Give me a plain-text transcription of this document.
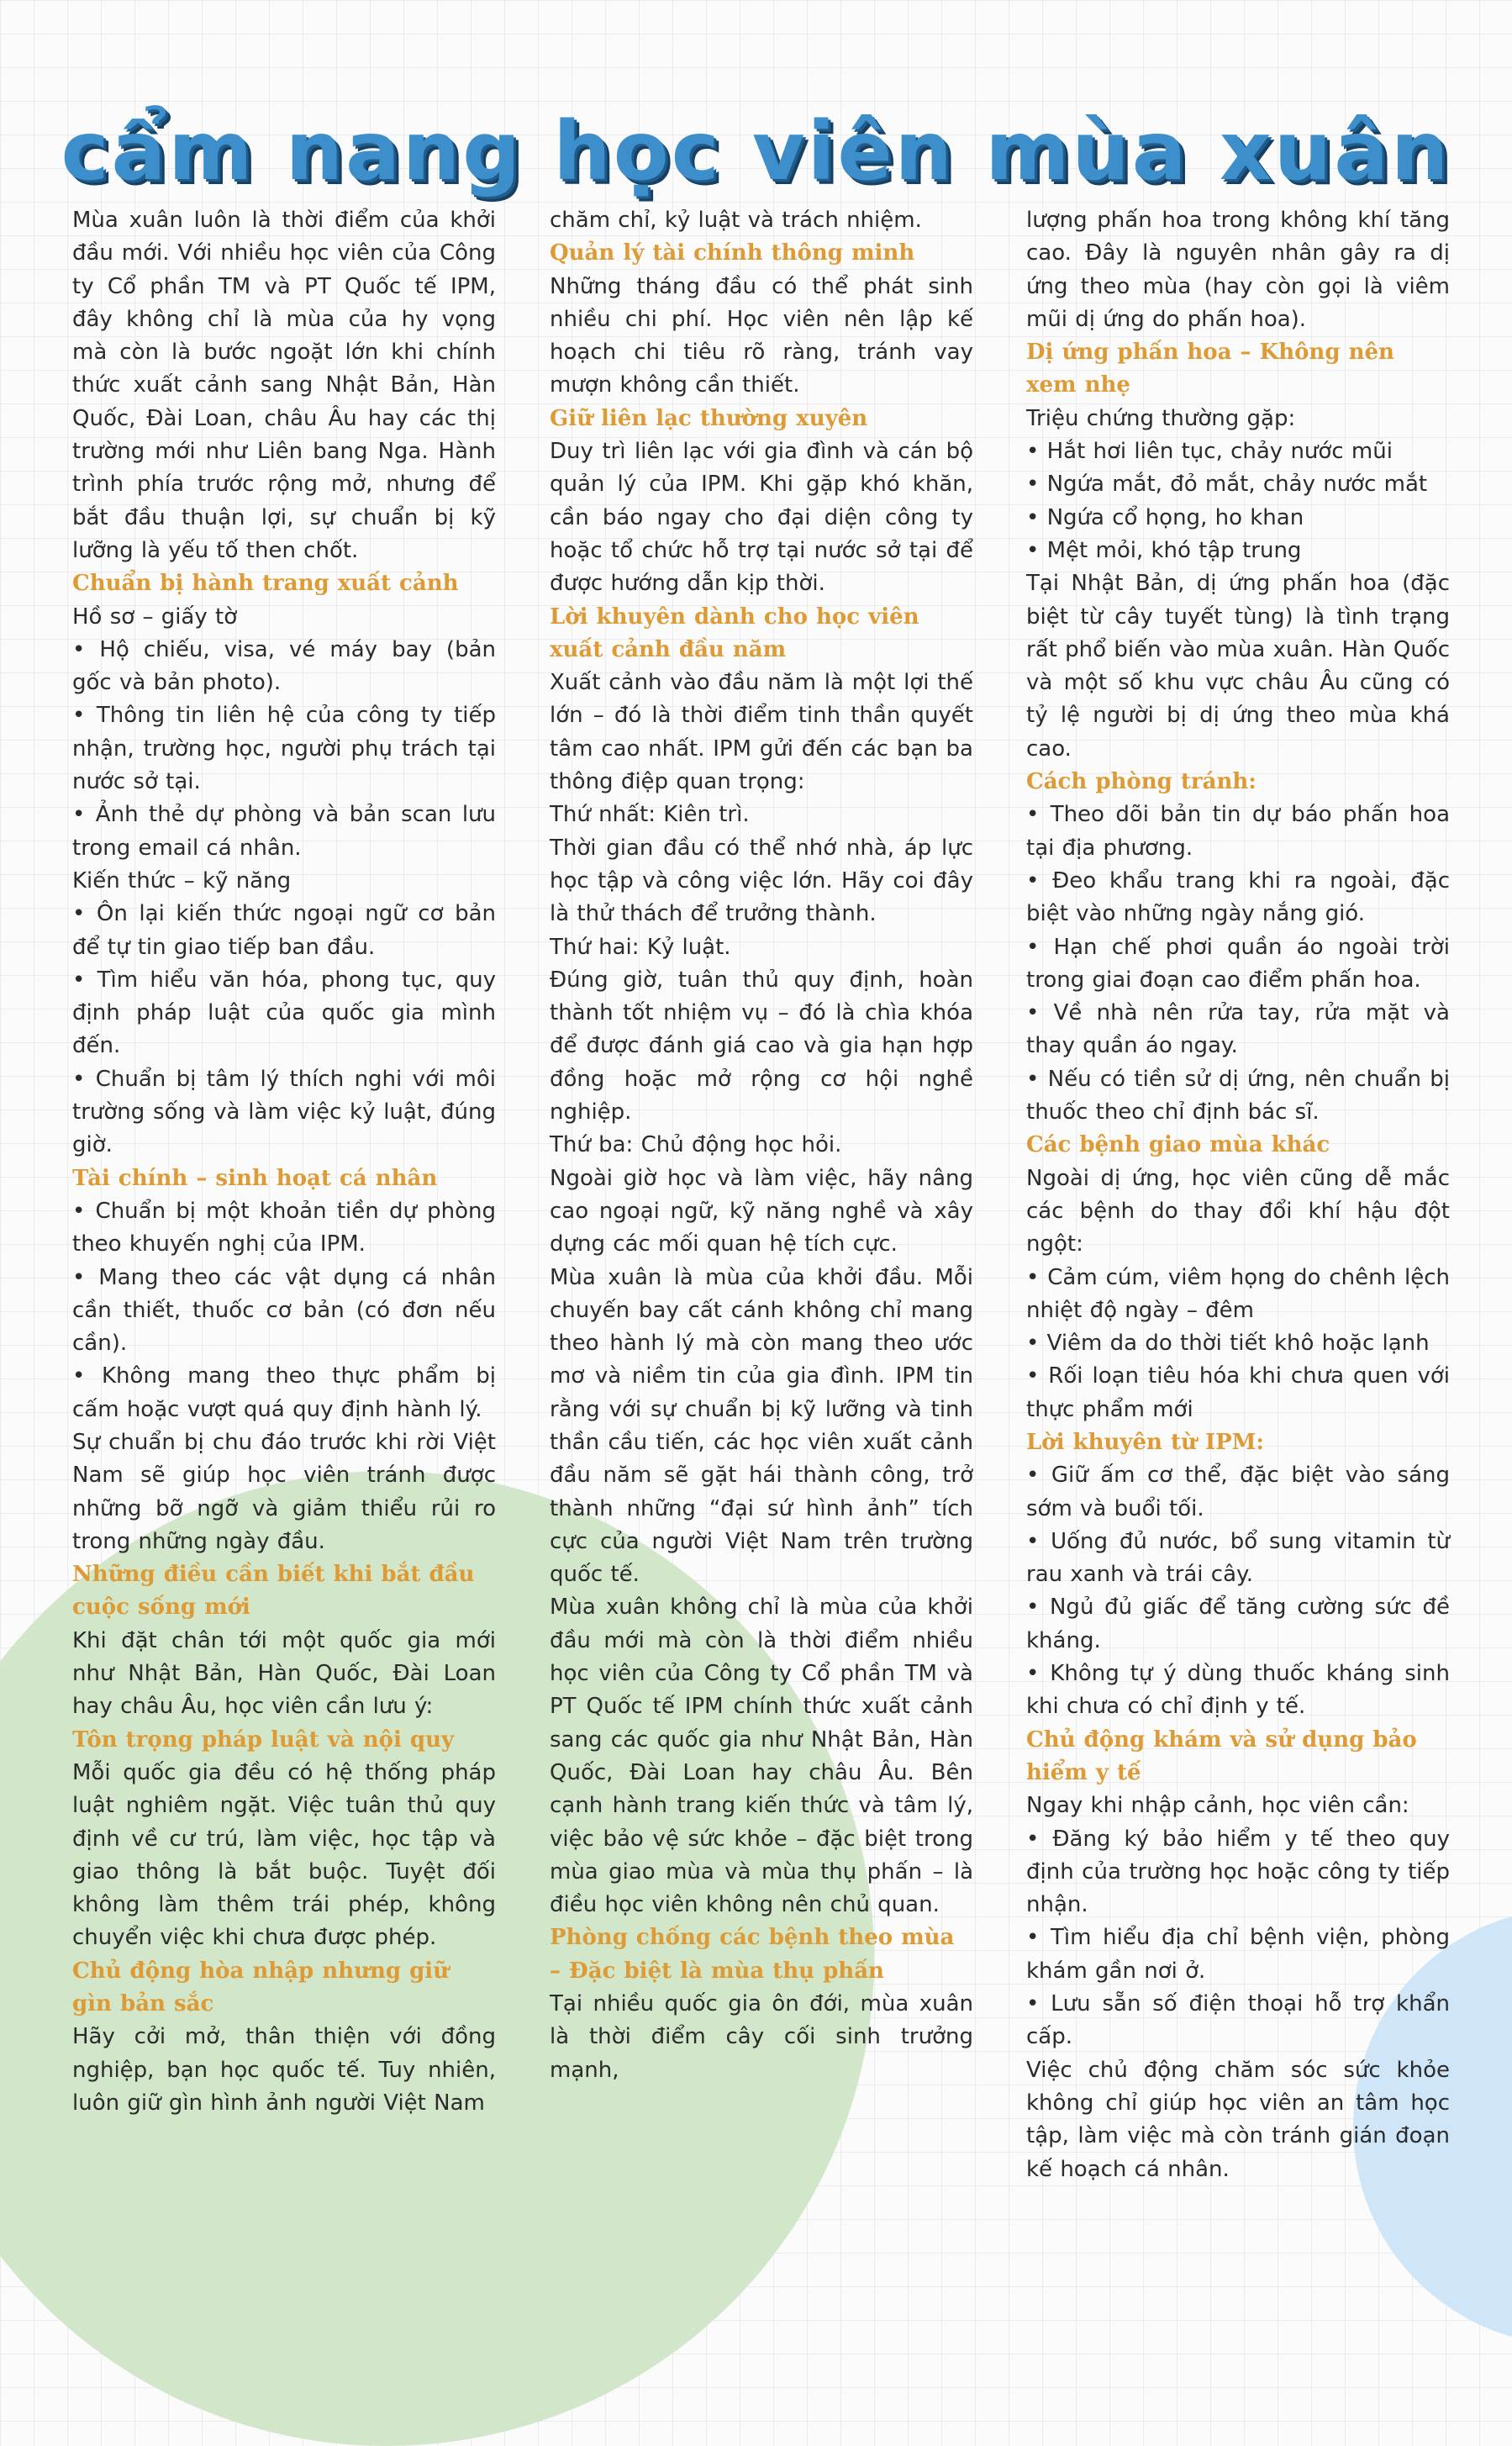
cẩm nang học viên mùa xuân

Mùa xuân luôn là thời điểm của khởi đầu mới. Với nhiều học viên của Công ty Cổ phần TM và PT Quốc tế IPM, đây không chỉ là mùa của hy vọng mà còn là bước ngoặt lớn khi chính thức xuất cảnh sang Nhật Bản, Hàn Quốc, Đài Loan, châu Âu hay các thị trường mới như Liên bang Nga. Hành trình phía trước rộng mở, nhưng để bắt đầu thuận lợi, sự chuẩn bị kỹ lưỡng là yếu tố then chốt.

Chuẩn bị hành trang xuất cảnh

Hồ sơ – giấy tờ

• Hộ chiếu, visa, vé máy bay (bản gốc và bản photo).

• Thông tin liên hệ của công ty tiếp nhận, trường học, người phụ trách tại nước sở tại.

• Ảnh thẻ dự phòng và bản scan lưu trong email cá nhân.

Kiến thức – kỹ năng

• Ôn lại kiến thức ngoại ngữ cơ bản để tự tin giao tiếp ban đầu.

• Tìm hiểu văn hóa, phong tục, quy định pháp luật của quốc gia mình đến.

• Chuẩn bị tâm lý thích nghi với môi trường sống và làm việc kỷ luật, đúng giờ.

Tài chính – sinh hoạt cá nhân

• Chuẩn bị một khoản tiền dự phòng theo khuyến nghị của IPM.

• Mang theo các vật dụng cá nhân cần thiết, thuốc cơ bản (có đơn nếu cần).

• Không mang theo thực phẩm bị cấm hoặc vượt quá quy định hành lý.

Sự chuẩn bị chu đáo trước khi rời Việt Nam sẽ giúp học viên tránh được những bỡ ngỡ và giảm thiểu rủi ro trong những ngày đầu.

Những điều cần biết khi bắt đầu cuộc sống mới

Khi đặt chân tới một quốc gia mới như Nhật Bản, Hàn Quốc, Đài Loan hay châu Âu, học viên cần lưu ý:

Tôn trọng pháp luật và nội quy

Mỗi quốc gia đều có hệ thống pháp luật nghiêm ngặt. Việc tuân thủ quy định về cư trú, làm việc, học tập và giao thông là bắt buộc. Tuyệt đối không làm thêm trái phép, không chuyển việc khi chưa được phép.

Chủ động hòa nhập nhưng giữ gìn bản sắc

Hãy cởi mở, thân thiện với đồng nghiệp, bạn học quốc tế. Tuy nhiên, luôn giữ gìn hình ảnh người Việt Nam

chăm chỉ, kỷ luật và trách nhiệm.

Quản lý tài chính thông minh

Những tháng đầu có thể phát sinh nhiều chi phí. Học viên nên lập kế hoạch chi tiêu rõ ràng, tránh vay mượn không cần thiết.

Giữ liên lạc thường xuyên

Duy trì liên lạc với gia đình và cán bộ quản lý của IPM. Khi gặp khó khăn, cần báo ngay cho đại diện công ty hoặc tổ chức hỗ trợ tại nước sở tại để được hướng dẫn kịp thời.

Lời khuyên dành cho học viên xuất cảnh đầu năm

Xuất cảnh vào đầu năm là một lợi thế lớn – đó là thời điểm tinh thần quyết tâm cao nhất. IPM gửi đến các bạn ba thông điệp quan trọng:

Thứ nhất: Kiên trì.

Thời gian đầu có thể nhớ nhà, áp lực học tập và công việc lớn. Hãy coi đây là thử thách để trưởng thành.

Thứ hai: Kỷ luật.

Đúng giờ, tuân thủ quy định, hoàn thành tốt nhiệm vụ – đó là chìa khóa để được đánh giá cao và gia hạn hợp đồng hoặc mở rộng cơ hội nghề nghiệp.

Thứ ba: Chủ động học hỏi.

Ngoài giờ học và làm việc, hãy nâng cao ngoại ngữ, kỹ năng nghề và xây dựng các mối quan hệ tích cực.

Mùa xuân là mùa của khởi đầu. Mỗi chuyến bay cất cánh không chỉ mang theo hành lý mà còn mang theo ước mơ và niềm tin của gia đình. IPM tin rằng với sự chuẩn bị kỹ lưỡng và tinh thần cầu tiến, các học viên xuất cảnh đầu năm sẽ gặt hái thành công, trở thành những “đại sứ hình ảnh” tích cực của người Việt Nam trên trường quốc tế.

Mùa xuân không chỉ là mùa của khởi đầu mới mà còn là thời điểm nhiều học viên của Công ty Cổ phần TM và PT Quốc tế IPM chính thức xuất cảnh sang các quốc gia như Nhật Bản, Hàn Quốc, Đài Loan hay châu Âu. Bên cạnh hành trang kiến thức và tâm lý, việc bảo vệ sức khỏe – đặc biệt trong mùa giao mùa và mùa thụ phấn – là điều học viên không nên chủ quan.

Phòng chống các bệnh theo mùa – Đặc biệt là mùa thụ phấn

Tại nhiều quốc gia ôn đới, mùa xuân là thời điểm cây cối sinh trưởng mạnh,

lượng phấn hoa trong không khí tăng cao. Đây là nguyên nhân gây ra dị ứng theo mùa (hay còn gọi là viêm mũi dị ứng do phấn hoa).

Dị ứng phấn hoa – Không nên xem nhẹ

Triệu chứng thường gặp:

• Hắt hơi liên tục, chảy nước mũi

• Ngứa mắt, đỏ mắt, chảy nước mắt

• Ngứa cổ họng, ho khan

• Mệt mỏi, khó tập trung

Tại Nhật Bản, dị ứng phấn hoa (đặc biệt từ cây tuyết tùng) là tình trạng rất phổ biến vào mùa xuân. Hàn Quốc và một số khu vực châu Âu cũng có tỷ lệ người bị dị ứng theo mùa khá cao.

Cách phòng tránh:

• Theo dõi bản tin dự báo phấn hoa tại địa phương.

• Đeo khẩu trang khi ra ngoài, đặc biệt vào những ngày nắng gió.

• Hạn chế phơi quần áo ngoài trời trong giai đoạn cao điểm phấn hoa.

• Về nhà nên rửa tay, rửa mặt và thay quần áo ngay.

• Nếu có tiền sử dị ứng, nên chuẩn bị thuốc theo chỉ định bác sĩ.

Các bệnh giao mùa khác

Ngoài dị ứng, học viên cũng dễ mắc các bệnh do thay đổi khí hậu đột ngột:

• Cảm cúm, viêm họng do chênh lệch nhiệt độ ngày – đêm

• Viêm da do thời tiết khô hoặc lạnh

• Rối loạn tiêu hóa khi chưa quen với thực phẩm mới

Lời khuyên từ IPM:

• Giữ ấm cơ thể, đặc biệt vào sáng sớm và buổi tối.

• Uống đủ nước, bổ sung vitamin từ rau xanh và trái cây.

• Ngủ đủ giấc để tăng cường sức đề kháng.

• Không tự ý dùng thuốc kháng sinh khi chưa có chỉ định y tế.

Chủ động khám và sử dụng bảo hiểm y tế

Ngay khi nhập cảnh, học viên cần:

• Đăng ký bảo hiểm y tế theo quy định của trường học hoặc công ty tiếp nhận.

• Tìm hiểu địa chỉ bệnh viện, phòng khám gần nơi ở.

• Lưu sẵn số điện thoại hỗ trợ khẩn cấp.

Việc chủ động chăm sóc sức khỏe không chỉ giúp học viên an tâm học tập, làm việc mà còn tránh gián đoạn kế hoạch cá nhân.
